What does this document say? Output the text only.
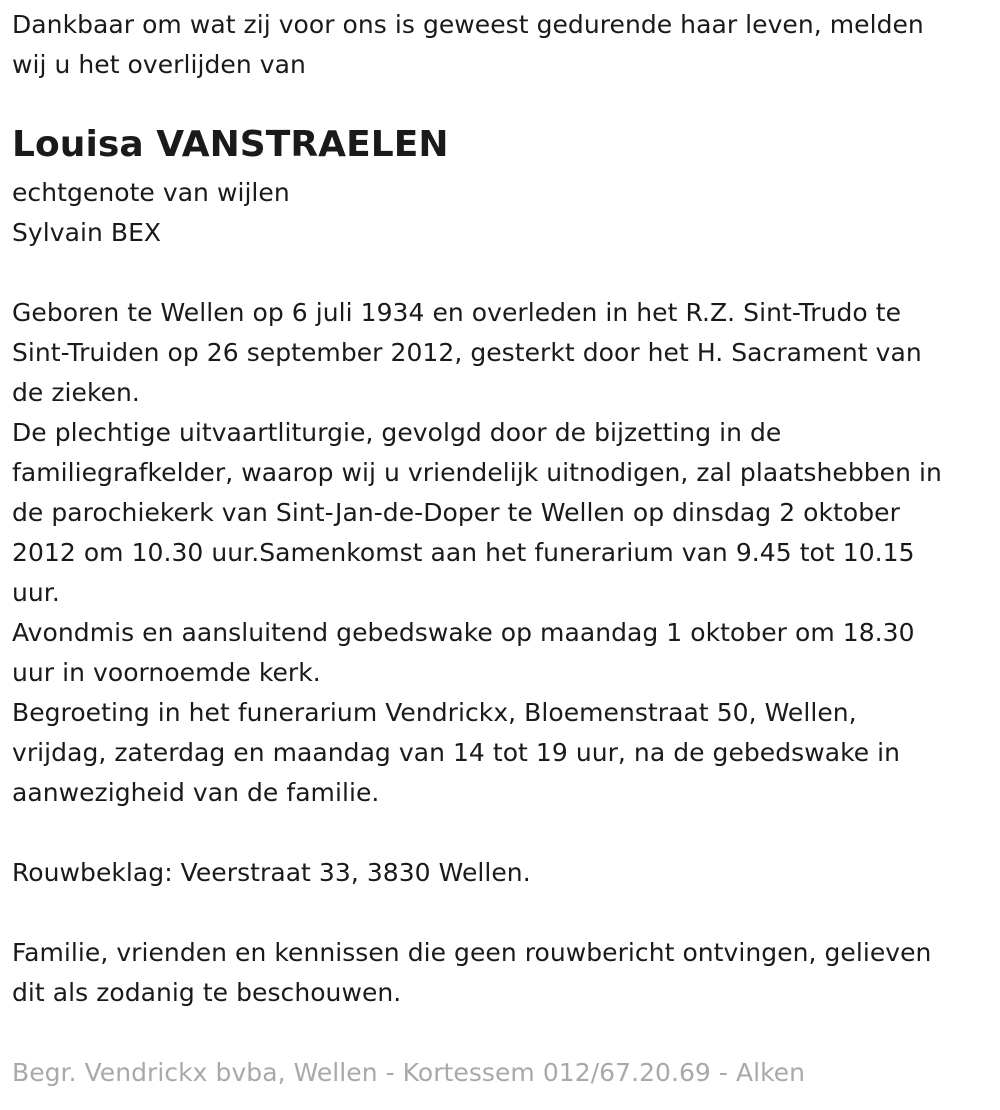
Dankbaar om wat zij voor ons is geweest gedurende haar leven, melden
wij u het overlijden van
Louisa VANSTRAELEN
echtgenote van wijlen
Sylvain BEX
Geboren te Wellen op 6 juli 1934 en overleden in het R.Z. Sint-Trudo te
Sint-Truiden op 26 september 2012, gesterkt door het H. Sacrament van
de zieken.
De plechtige uitvaartliturgie, gevolgd door de bijzetting in de
familiegrafkelder, waarop wij u vriendelijk uitnodigen, zal plaatshebben in
de parochiekerk van Sint-Jan-de-Doper te Wellen op dinsdag 2 oktober
2012 om 10.30 uur.Samenkomst aan het funerarium van 9.45 tot 10.15
uur.
Avondmis en aansluitend gebedswake op maandag 1 oktober om 18.30
uur in voornoemde kerk.
Begroeting in het funerarium Vendrickx, Bloemenstraat 50, Wellen,
vrijdag, zaterdag en maandag van 14 tot 19 uur, na de gebedswake in
aanwezigheid van de familie.
Rouwbeklag: Veerstraat 33, 3830 Wellen.
Familie, vrienden en kennissen die geen rouwbericht ontvingen, gelieven
dit als zodanig te beschouwen.
Begr. Vendrickx bvba, Wellen - Kortessem 012/67.20.69 - Alken
